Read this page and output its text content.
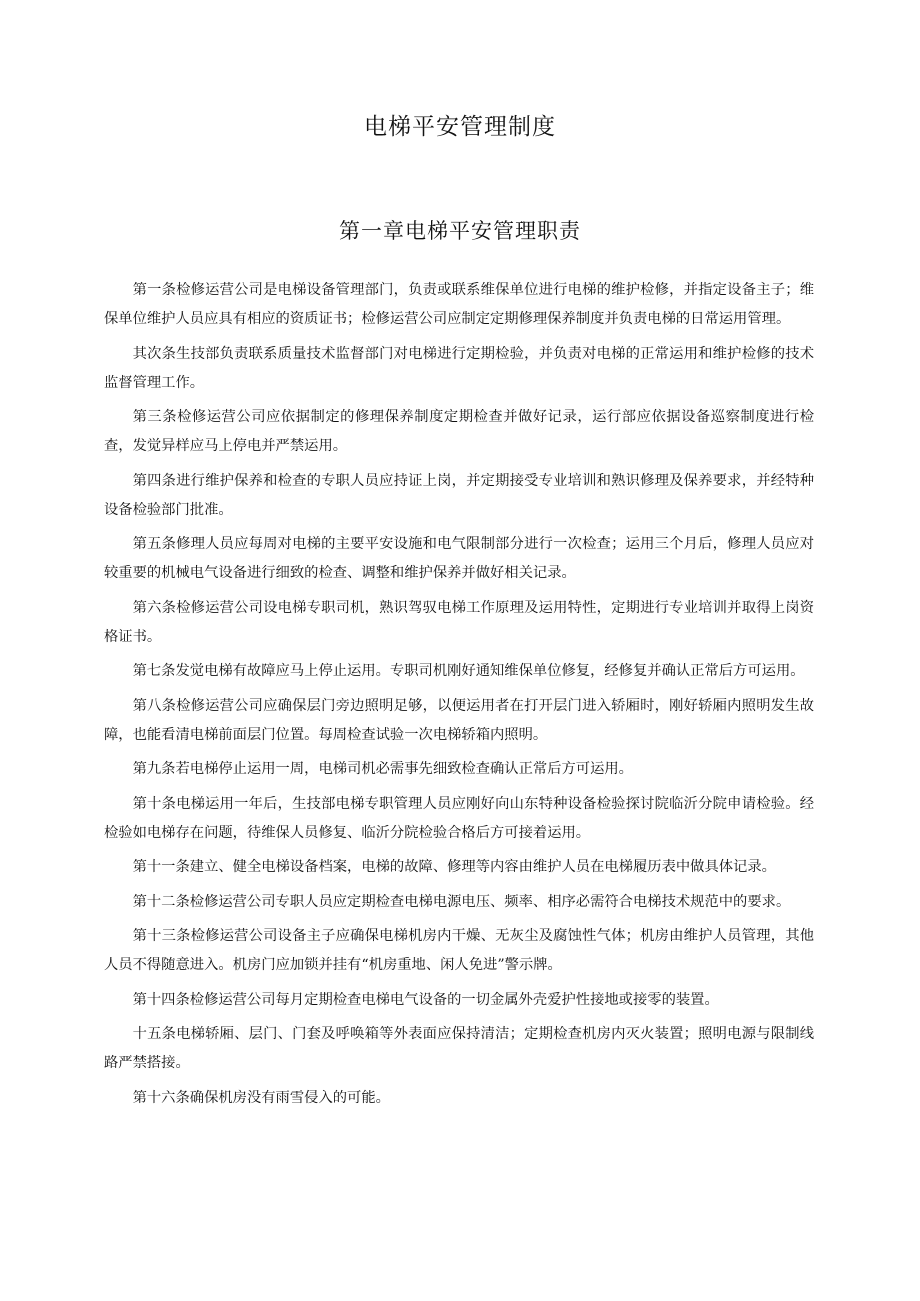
电梯平安管理制度
第一章电梯平安管理职责

第一条检修运营公司是电梯设备管理部门，负责或联系维保单位进行电梯的维护检修，并指定设备主子；维保单位维护人员应具有相应的资质证书；检修运营公司应制定定期修理保养制度并负责电梯的日常运用管理。

其次条生技部负责联系质量技术监督部门对电梯进行定期检验，并负责对电梯的正常运用和维护检修的技术监督管理工作。

第三条检修运营公司应依据制定的修理保养制度定期检查并做好记录，运行部应依据设备巡察制度进行检查，发觉异样应马上停电并严禁运用。

第四条进行维护保养和检查的专职人员应持证上岗，并定期接受专业培训和熟识修理及保养要求，并经特种设备检验部门批准。

第五条修理人员应每周对电梯的主要平安设施和电气限制部分进行一次检查；运用三个月后，修理人员应对较重要的机械电气设备进行细致的检查、调整和维护保养并做好相关记录。

第六条检修运营公司设电梯专职司机，熟识驾驭电梯工作原理及运用特性，定期进行专业培训并取得上岗资格证书。

第七条发觉电梯有故障应马上停止运用。专职司机刚好通知维保单位修复，经修复并确认正常后方可运用。

第八条检修运营公司应确保层门旁边照明足够，以便运用者在打开层门进入轿厢时，刚好轿厢内照明发生故障，也能看清电梯前面层门位置。每周检查试验一次电梯轿箱内照明。

第九条若电梯停止运用一周，电梯司机必需事先细致检查确认正常后方可运用。

第十条电梯运用一年后，生技部电梯专职管理人员应刚好向山东特种设备检验探讨院临沂分院申请检验。经检验如电梯存在问题，待维保人员修复、临沂分院检验合格后方可接着运用。

第十一条建立、健全电梯设备档案，电梯的故障、修理等内容由维护人员在电梯履历表中做具体记录。

第十二条检修运营公司专职人员应定期检查电梯电源电压、频率、相序必需符合电梯技术规范中的要求。

第十三条检修运营公司设备主子应确保电梯机房内干燥、无灰尘及腐蚀性气体；机房由维护人员管理，其他人员不得随意进入。机房门应加锁并挂有“机房重地、闲人免进”警示牌。

第十四条检修运营公司每月定期检查电梯电气设备的一切金属外壳爱护性接地或接零的装置。

十五条电梯轿厢、层门、门套及呼唤箱等外表面应保持清洁；定期检查机房内灭火装置；照明电源与限制线路严禁搭接。

第十六条确保机房没有雨雪侵入的可能。
